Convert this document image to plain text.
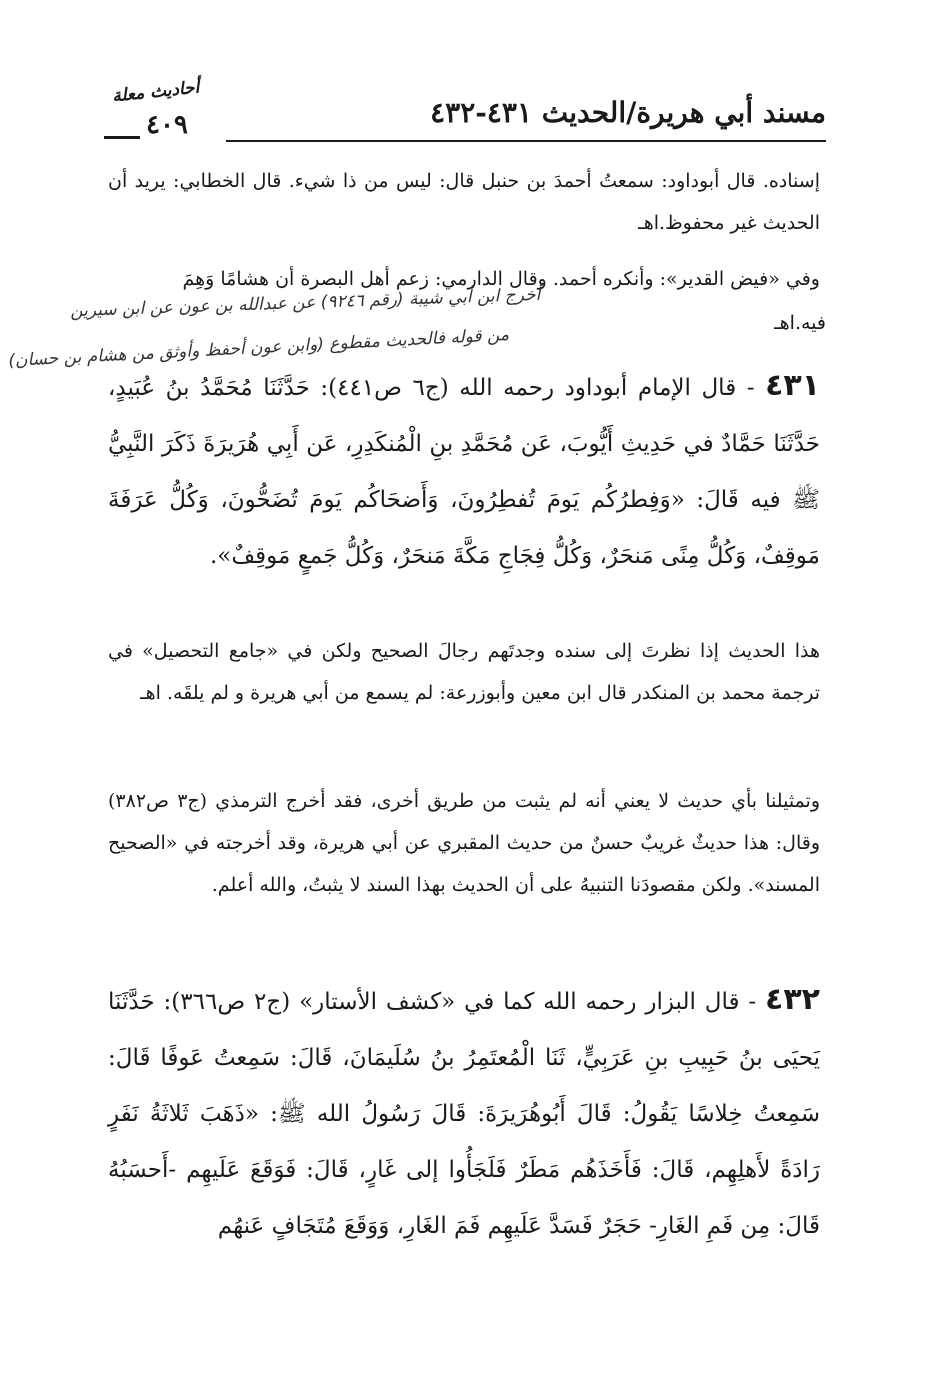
مسند أبي هريرة/الحديث ٤٣١-٤٣٢
أحاديث معلة
٤٠٩
إسناده. قال أبوداود: سمعتُ أحمدَ بن حنبل قال: ليس من ذا شيء. قال الخطابي: يريد أن الحديث غير محفوظ.اهـ
وفي «فيض القدير»: وأنكره أحمد. وقال الدارمي: زعم أهل البصرة أن هشامًا وَهِمَ
فيه.اهـ
أخرج ابن أبي شيبة (رقم ٩٢٤٦) عن عبدالله بن عون عن ابن سيرين
من قوله فالحديث مقطوع (وابن عون أحفظ وأوثق من هشام بن حسان)
٤٣١ - قال الإمام أبوداود رحمه الله (ج٦ ص٤٤١): حَدَّثَنَا مُحَمَّدُ بنُ عُبَيدٍ، حَدَّثَنَا حَمَّادٌ في حَدِيثِ أَيُّوبَ، عَن مُحَمَّدِ بنِ الْمُنكَدِرِ، عَن أَبِي هُرَيرَةَ ذَكَرَ النَّبِيُّ ﷺ فيه قَالَ: «وَفِطرُكُم يَومَ تُفطِرُونَ، وَأَضحَاكُم يَومَ تُضَحُّونَ، وَكُلُّ عَرَفَةَ مَوقِفٌ، وَكُلُّ مِنًى مَنحَرٌ، وَكُلُّ فِجَاجِ مَكَّةَ مَنحَرٌ، وَكُلُّ جَمعٍ مَوقِفٌ».
هذا الحديث إذا نظرتَ إلى سنده وجدتَهم رجالَ الصحيح ولكن في «جامع التحصيل» في ترجمة محمد بن المنكدر قال ابن معين وأبوزرعة: لم يسمع من أبي هريرة و لم يلقَه. اهـ
وتمثيلنا بأي حديث لا يعني أنه لم يثبت من طريق أخرى، فقد أخرج الترمذي (ج٣ ص٣٨٢) وقال: هذا حديثٌ غريبٌ حسنٌ من حديث المقبري عن أبي هريرة، وقد أخرجته في «الصحيح المسند». ولكن مقصودَنا التنبيهُ على أن الحديث بهذا السند لا يثبتُ، والله أعلم.
٤٣٢ - قال البزار رحمه الله كما في «كشف الأستار» (ج٢ ص٣٦٦): حَدَّثَنَا يَحيَى بنُ حَبِيبِ بنِ عَرَبِيٍّ، ثَنَا الْمُعتَمِرُ بنُ سُلَيمَانَ، قَالَ: سَمِعتُ عَوفًا قَالَ: سَمِعتُ خِلاسًا يَقُولُ: قَالَ أَبُوهُرَيرَةَ: قَالَ رَسُولُ الله ﷺ: «ذَهَبَ ثَلاثَةُ نَفَرٍ رَادَةً لأَهلِهِم، قَالَ: فَأَخَذَهُم مَطَرٌ فَلَجَأُوا إلى غَارٍ، قَالَ: فَوَقَعَ عَلَيهِم -أَحسَبُهُ قَالَ: مِن فَمِ الغَارِ- حَجَرٌ فَسَدَّ عَلَيهِم فَمَ الغَارِ، وَوَقَعَ مُتَجَافٍ عَنهُم
